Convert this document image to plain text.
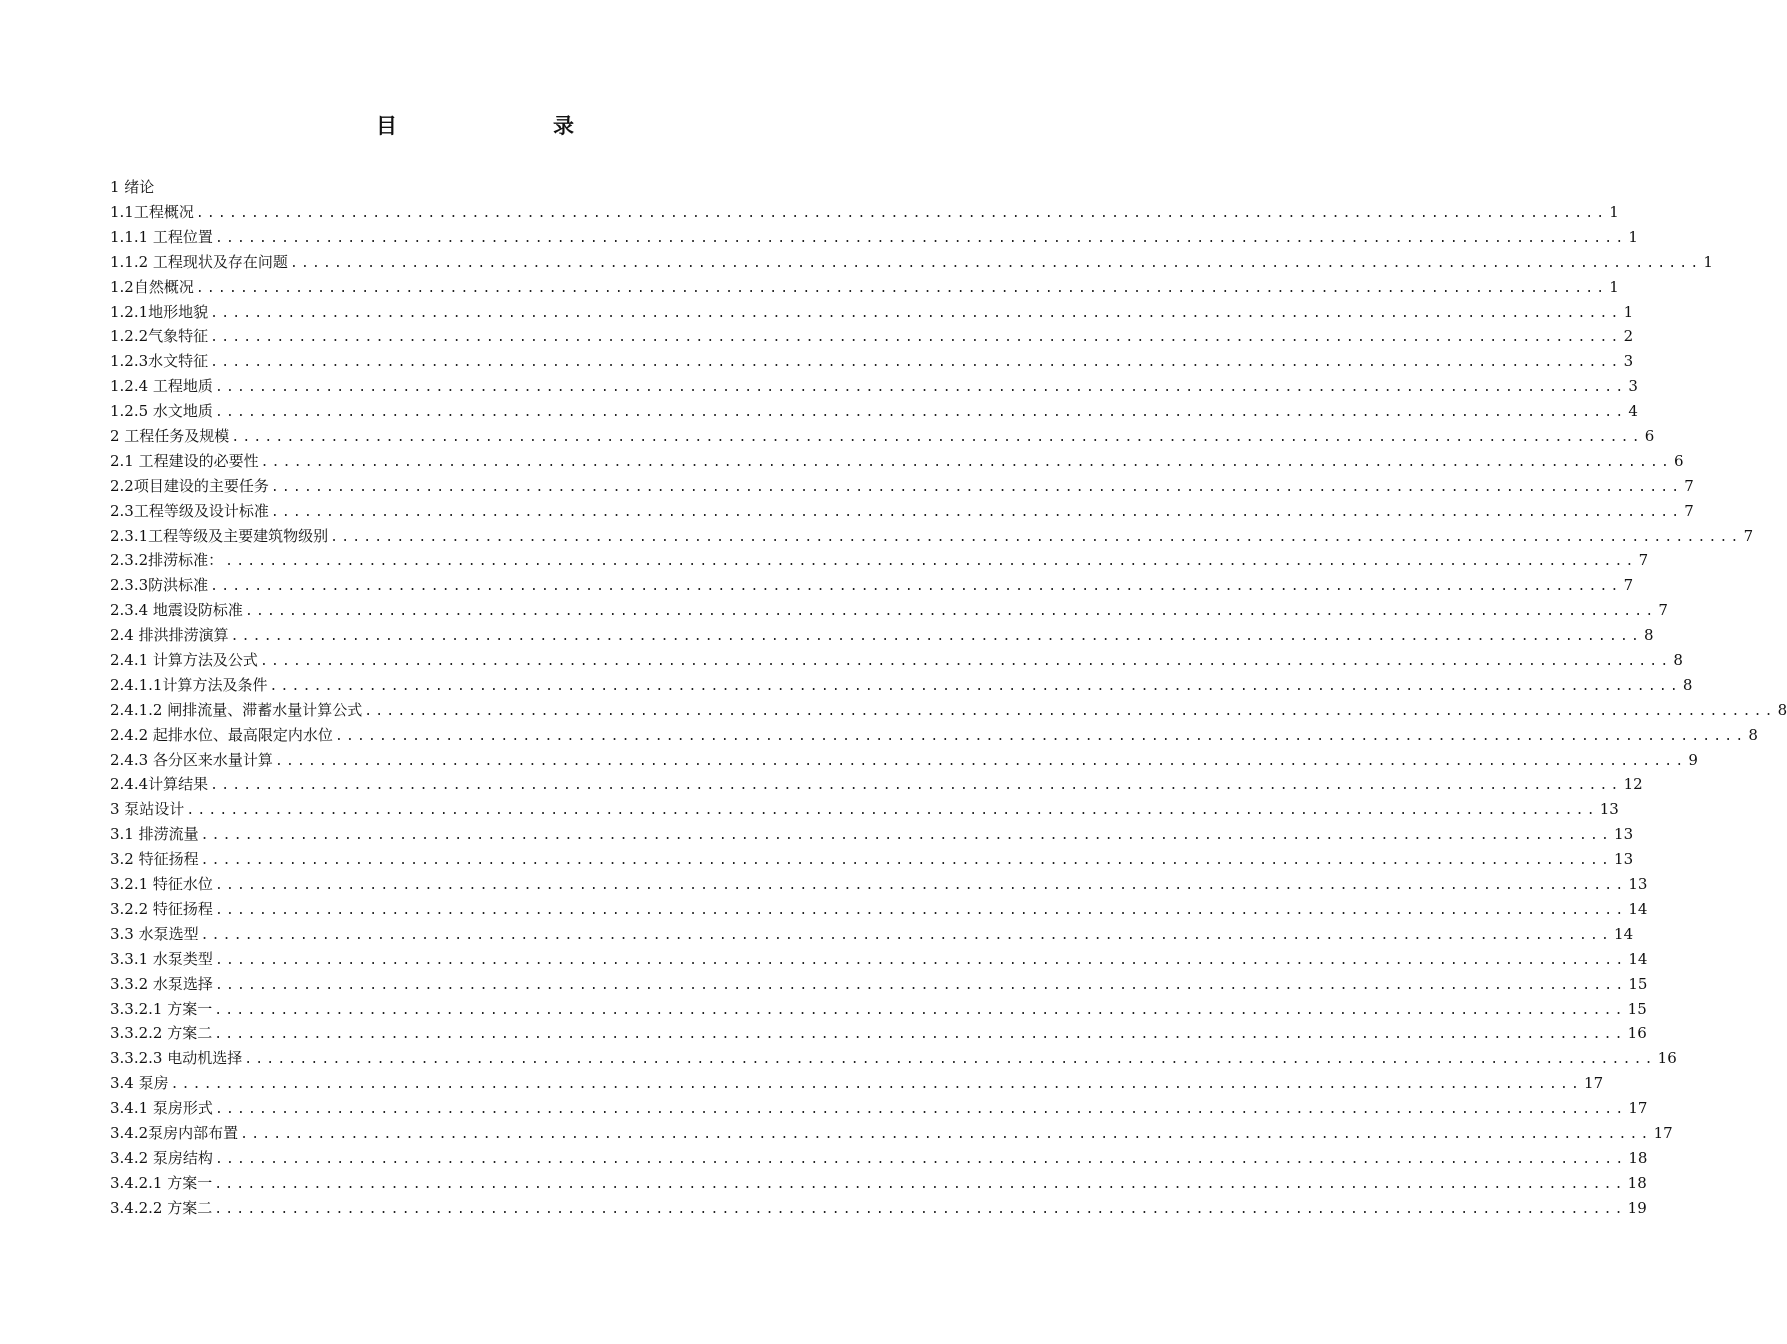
目　　录
1 绪论
1.1工程概况 ................................................................................................................................ 1
1.1.1 工程位置 ................................................................................................................................ 1
1.1.2 工程现状及存在问题 ................................................................................................................................ 1
1.2自然概况 ................................................................................................................................ 1
1.2.1地形地貌 ................................................................................................................................ 1
1.2.2气象特征 ................................................................................................................................ 2
1.2.3水文特征 ................................................................................................................................ 3
1.2.4 工程地质 ................................................................................................................................ 3
1.2.5 水文地质 ................................................................................................................................ 4
2 工程任务及规模 ................................................................................................................................ 6
2.1 工程建设的必要性 ................................................................................................................................ 6
2.2项目建设的主要任务 ................................................................................................................................ 7
2.3工程等级及设计标准 ................................................................................................................................ 7
2.3.1工程等级及主要建筑物级别 ................................................................................................................................ 7
2.3.2排涝标准： ................................................................................................................................ 7
2.3.3防洪标准 ................................................................................................................................ 7
2.3.4 地震设防标准 ................................................................................................................................ 7
2.4 排洪排涝演算 ................................................................................................................................ 8
2.4.1 计算方法及公式 ................................................................................................................................ 8
2.4.1.1计算方法及条件 ................................................................................................................................ 8
2.4.1.2 闸排流量、滞蓄水量计算公式 ................................................................................................................................ 8
2.4.2 起排水位、最高限定内水位 ................................................................................................................................ 8
2.4.3 各分区来水量计算 ................................................................................................................................ 9
2.4.4计算结果 ................................................................................................................................ 12
3 泵站设计 ................................................................................................................................ 13
3.1 排涝流量 ................................................................................................................................ 13
3.2 特征扬程 ................................................................................................................................ 13
3.2.1 特征水位 ................................................................................................................................ 13
3.2.2 特征扬程 ................................................................................................................................ 14
3.3 水泵选型 ................................................................................................................................ 14
3.3.1 水泵类型 ................................................................................................................................ 14
3.3.2 水泵选择 ................................................................................................................................ 15
3.3.2.1 方案一 ................................................................................................................................ 15
3.3.2.2 方案二 ................................................................................................................................ 16
3.3.2.3 电动机选择 ................................................................................................................................ 16
3.4 泵房 ................................................................................................................................ 17
3.4.1 泵房形式 ................................................................................................................................ 17
3.4.2泵房内部布置 ................................................................................................................................ 17
3.4.2 泵房结构 ................................................................................................................................ 18
3.4.2.1 方案一 ................................................................................................................................ 18
3.4.2.2 方案二 ................................................................................................................................ 19
